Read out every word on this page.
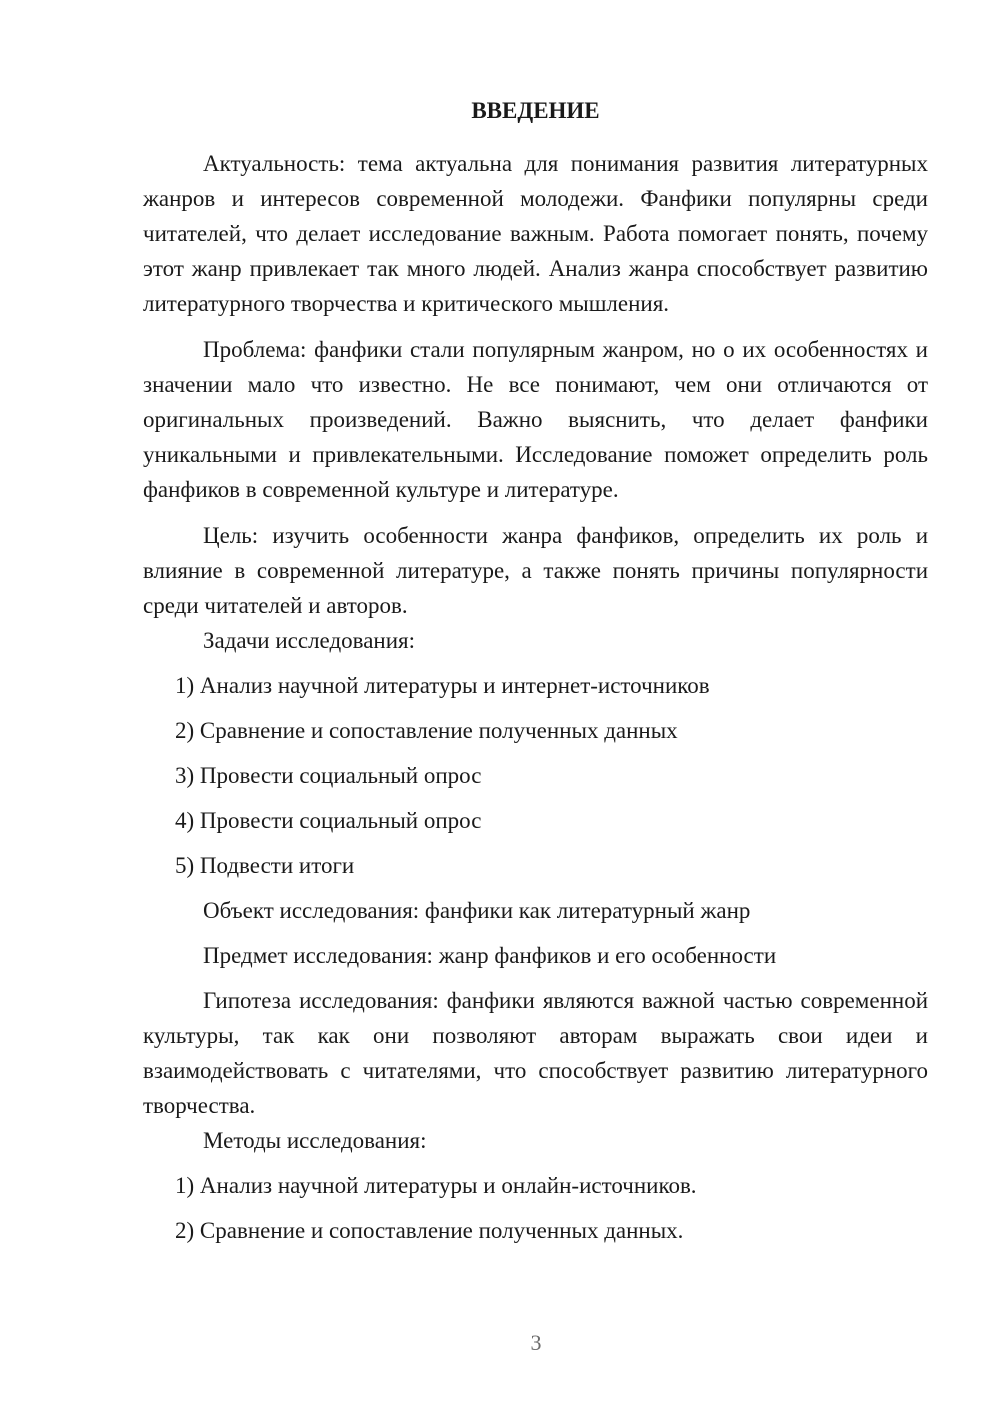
ВВЕДЕНИЕ

Актуальность: тема актуальна для понимания развития литературных жанров и интересов современной молодежи. Фанфики популярны среди читателей, что делает исследование важным. Работа помогает понять, почему этот жанр привлекает так много людей. Анализ жанра способствует развитию литературного творчества и критического мышления.

Проблема: фанфики стали популярным жанром, но о их особенностях и значении мало что известно. Не все понимают, чем они отличаются от оригинальных произведений. Важно выяснить, что делает фанфики уникальными и привлекательными. Исследование поможет определить роль фанфиков в современной культуре и литературе.

Цель: изучить особенности жанра фанфиков, определить их роль и влияние в современной литературе, а также понять причины популярности среди читателей и авторов.

Задачи исследования:

1) Анализ научной литературы и интернет-источников

2) Сравнение и сопоставление полученных данных

3) Провести социальный опрос

4) Провести социальный опрос

5) Подвести итоги

Объект исследования: фанфики как литературный жанр

Предмет исследования: жанр фанфиков и его особенности

Гипотеза исследования: фанфики являются важной частью современной культуры, так как они позволяют авторам выражать свои идеи и взаимодействовать с читателями, что способствует развитию литературного творчества.

Методы исследования:

1) Анализ научной литературы и онлайн-источников.

2) Сравнение и сопоставление полученных данных.

3
